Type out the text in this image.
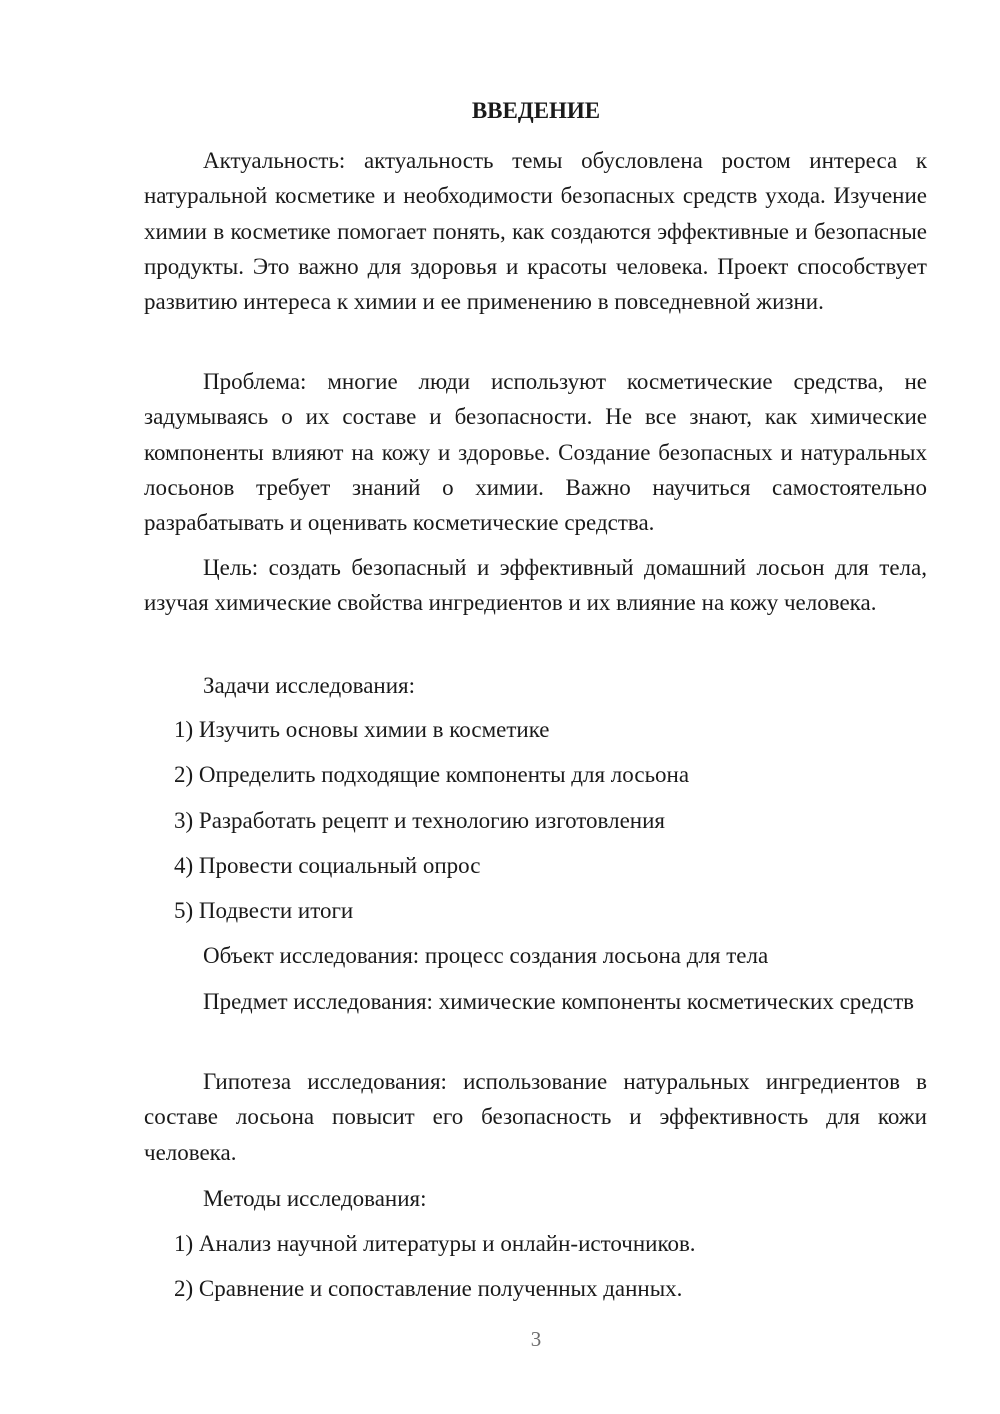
ВВЕДЕНИЕ

Актуальность: актуальность темы обусловлена ростом интереса к натуральной косметике и необходимости безопасных средств ухода. Изучение химии в косметике помогает понять, как создаются эффективные и безопасные продукты. Это важно для здоровья и красоты человека. Проект способствует развитию интереса к химии и ее применению в повседневной жизни.

Проблема: многие люди используют косметические средства, не задумываясь о их составе и безопасности. Не все знают, как химические компоненты влияют на кожу и здоровье. Создание безопасных и натуральных лосьонов требует знаний о химии. Важно научиться самостоятельно разрабатывать и оценивать косметические средства.

Цель: создать безопасный и эффективный домашний лосьон для тела, изучая химические свойства ингредиентов и их влияние на кожу человека.

Задачи исследования:
1) Изучить основы химии в косметике
2) Определить подходящие компоненты для лосьона
3) Разработать рецепт и технологию изготовления
4) Провести социальный опрос
5) Подвести итоги
Объект исследования: процесс создания лосьона для тела

Предмет исследования: химические компоненты косметических средств

Гипотеза исследования: использование натуральных ингредиентов в составе лосьона повысит его безопасность и эффективность для кожи человека.

Методы исследования:
1) Анализ научной литературы и онлайн-источников.
2) Сравнение и сопоставление полученных данных.
3
